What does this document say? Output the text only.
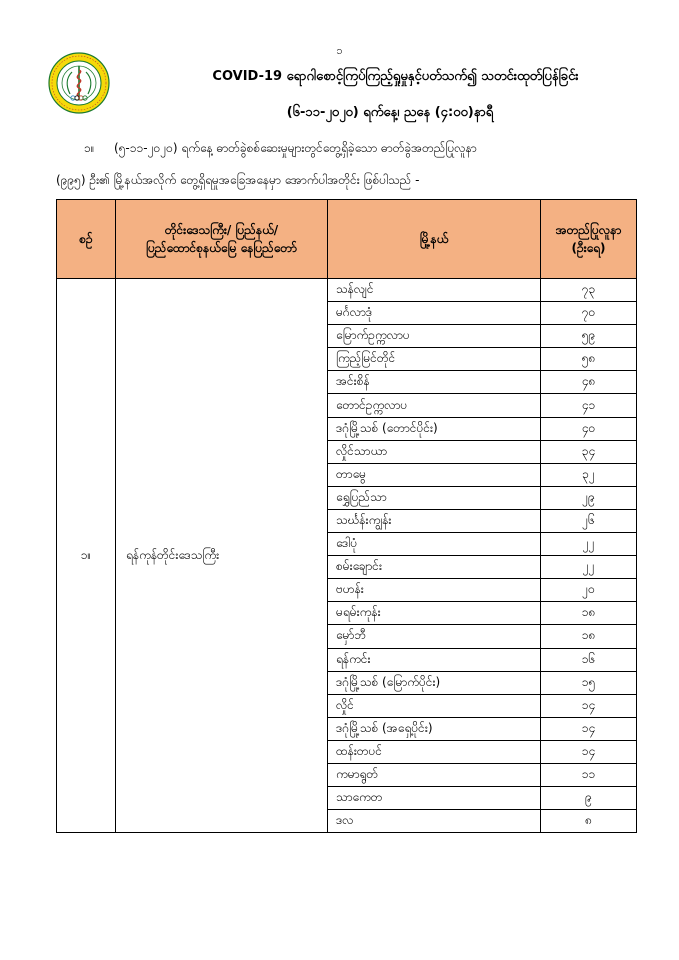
၁
COVID-19 ရောဂါစောင့်ကြပ်ကြည့်ရှုမှုနှင့်ပတ်သက်၍ သတင်းထုတ်ပြန်ခြင်း
(၆-၁၁-၂၀၂၀) ရက်နေ့၊ ညနေ (၄:၀၀)နာရီ
၁။ (၅-၁၁-၂၀၂၀) ရက်နေ့ ဓာတ်ခွဲစစ်ဆေးမှုများတွင်တွေ့ရှိခဲ့သော ဓာတ်ခွဲအတည်ပြုလူနာ
(၉၉၅) ဦး၏ မြို့နယ်အလိုက် တွေ့ရှိရမှုအခြေအနေမှာ အောက်ပါအတိုင်း ဖြစ်ပါသည် -
စဉ်	တိုင်းဒေသကြီး/ ပြည်နယ်/ ပြည်ထောင်စုနယ်မြေ နေပြည်တော်	မြို့နယ်	အတည်ပြုလူနာ (ဦးရေ)
၁။	ရန်ကုန်တိုင်းဒေသကြီး	သန်လျင်	၇၃
		မင်္ဂလာဒုံ	၇၀
		မြောက်ဥက္ကလာပ	၅၉
		ကြည့်မြင်တိုင်	၅၈
		အင်းစိန်	၄၈
		တောင်ဥက္ကလာပ	၄၁
		ဒဂုံမြို့သစ် (တောင်ပိုင်း)	၄၀
		လှိုင်သာယာ	၃၄
		တာမွေ	၃၂
		ရွှေပြည်သာ	၂၉
		သင်္ဃန်းကျွန်း	၂၆
		ဒေါပုံ	၂၂
		စမ်းချောင်း	၂၂
		ဗဟန်း	၂၀
		မရမ်းကုန်း	၁၈
		မှော်ဘီ	၁၈
		ရန်ကင်း	၁၆
		ဒဂုံမြို့သစ် (မြောက်ပိုင်း)	၁၅
		လှိုင်	၁၄
		ဒဂုံမြို့သစ် (အရှေ့ပိုင်း)	၁၄
		ထန်းတပင်	၁၄
		ကမာရွတ်	၁၁
		သာကေတ	၉
		ဒလ	၈
